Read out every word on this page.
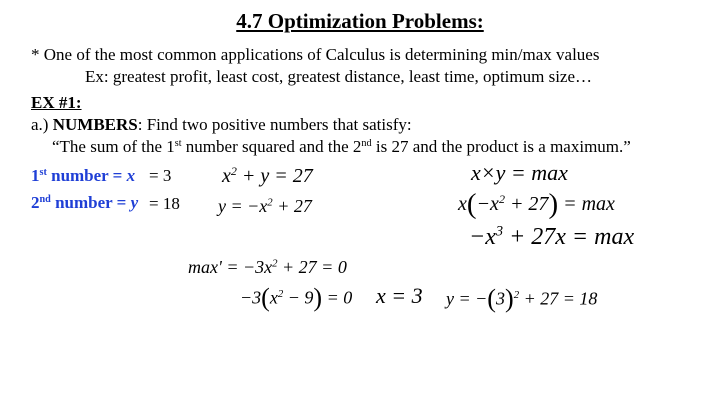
4.7 Optimization Problems:
* One of the most common applications of Calculus is determining min/max values
Ex: greatest profit, least cost, greatest distance, least time, optimum size…
EX #1:
a.) NUMBERS: Find two positive numbers that satisfy:
“The sum of the 1st number squared and the 2nd is 27 and the product is a maximum.”
1st number = x = 3
2nd number = y = 18
$x^2 + y = 27$
$y = -x^2 + 27$
x×y = max
$x(-x^2 + 27) = \max$
$-x^3 + 27x = \max$
$\max' = -3x^2 + 27 = 0$
$-3(x^2 - 9) = 0$ x = 3 $y = -(3)^2 + 27 = 18$
